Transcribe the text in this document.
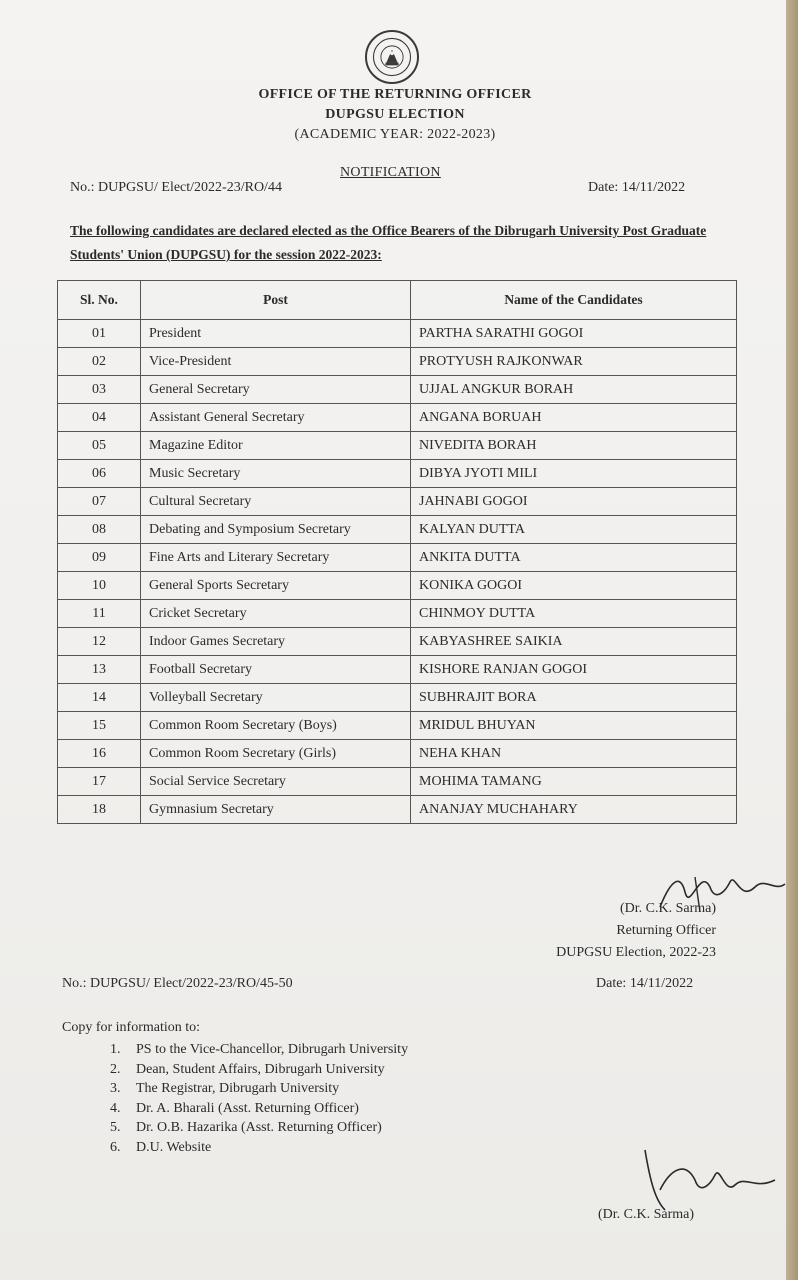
OFFICE OF THE RETURNING OFFICER
DUPGSU ELECTION
(ACADEMIC YEAR: 2022-2023)
NOTIFICATION
No.: DUPGSU/ Elect/2022-23/RO/44	Date: 14/11/2022
The following candidates are declared elected as the Office Bearers of the Dibrugarh University Post Graduate Students' Union (DUPGSU) for the session 2022-2023:
Sl. No.	Post	Name of the Candidates
01	President	PARTHA SARATHI GOGOI
02	Vice-President	PROTYUSH RAJKONWAR
03	General Secretary	UJJAL ANGKUR BORAH
04	Assistant General Secretary	ANGANA BORUAH
05	Magazine Editor	NIVEDITA BORAH
06	Music Secretary	DIBYA JYOTI MILI
07	Cultural Secretary	JAHNABI GOGOI
08	Debating and Symposium Secretary	KALYAN DUTTA
09	Fine Arts and Literary Secretary	ANKITA DUTTA
10	General Sports Secretary	KONIKA GOGOI
11	Cricket Secretary	CHINMOY DUTTA
12	Indoor Games Secretary	KABYASHREE SAIKIA
13	Football Secretary	KISHORE RANJAN GOGOI
14	Volleyball Secretary	SUBHRAJIT BORA
15	Common Room Secretary (Boys)	MRIDUL BHUYAN
16	Common Room Secretary (Girls)	NEHA KHAN
17	Social Service Secretary	MOHIMA TAMANG
18	Gymnasium Secretary	ANANJAY MUCHAHARY
(Dr. C.K. Sarma)
Returning Officer
DUPGSU Election, 2022-23
No.: DUPGSU/ Elect/2022-23/RO/45-50	Date: 14/11/2022
Copy for information to:
1.	PS to the Vice-Chancellor, Dibrugarh University
2.	Dean, Student Affairs, Dibrugarh University
3.	The Registrar, Dibrugarh University
4.	Dr. A. Bharali (Asst. Returning Officer)
5.	Dr. O.B. Hazarika (Asst. Returning Officer)
6.	D.U. Website
(Dr. C.K. Sarma)
